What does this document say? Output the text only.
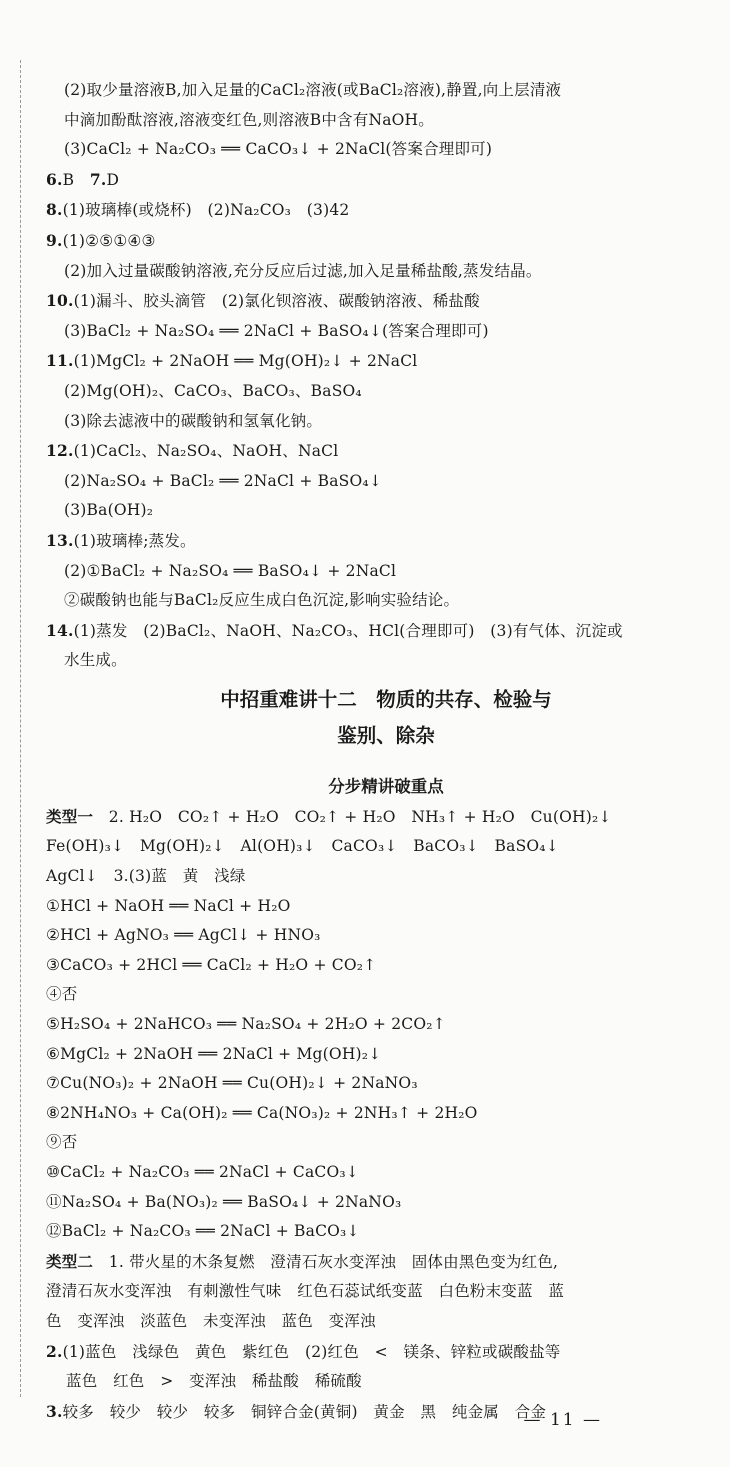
(2)取少量溶液B,加入足量的CaCl₂溶液(或BaCl₂溶液),静置,向上层清液
中滴加酚酞溶液,溶液变红色,则溶液B中含有NaOH。
(3)CaCl₂ + Na₂CO₃ ══ CaCO₃↓ + 2NaCl(答案合理即可)
6.B　7.D
8.(1)玻璃棒(或烧杯)　(2)Na₂CO₃　(3)42
9.(1)②⑤①④③
(2)加入过量碳酸钠溶液,充分反应后过滤,加入足量稀盐酸,蒸发结晶。
10.(1)漏斗、胶头滴管　(2)氯化钡溶液、碳酸钠溶液、稀盐酸
(3)BaCl₂ + Na₂SO₄ ══ 2NaCl + BaSO₄↓(答案合理即可)
11.(1)MgCl₂ + 2NaOH ══ Mg(OH)₂↓ + 2NaCl
(2)Mg(OH)₂、CaCO₃、BaCO₃、BaSO₄
(3)除去滤液中的碳酸钠和氢氧化钠。
12.(1)CaCl₂、Na₂SO₄、NaOH、NaCl
(2)Na₂SO₄ + BaCl₂ ══ 2NaCl + BaSO₄↓
(3)Ba(OH)₂
13.(1)玻璃棒;蒸发。
(2)①BaCl₂ + Na₂SO₄ ══ BaSO₄↓ + 2NaCl
②碳酸钠也能与BaCl₂反应生成白色沉淀,影响实验结论。
14.(1)蒸发　(2)BaCl₂、NaOH、Na₂CO₃、HCl(合理即可)　(3)有气体、沉淀或
水生成。
中招重难讲十二　物质的共存、检验与
鉴别、除杂
分步精讲破重点
类型一　2. H₂O　CO₂↑ + H₂O　CO₂↑ + H₂O　NH₃↑ + H₂O　Cu(OH)₂↓
Fe(OH)₃↓　Mg(OH)₂↓　Al(OH)₃↓　CaCO₃↓　BaCO₃↓　BaSO₄↓
AgCl↓　3.(3)蓝　黄　浅绿
①HCl + NaOH ══ NaCl + H₂O
②HCl + AgNO₃ ══ AgCl↓ + HNO₃
③CaCO₃ + 2HCl ══ CaCl₂ + H₂O + CO₂↑
④否
⑤H₂SO₄ + 2NaHCO₃ ══ Na₂SO₄ + 2H₂O + 2CO₂↑
⑥MgCl₂ + 2NaOH ══ 2NaCl + Mg(OH)₂↓
⑦Cu(NO₃)₂ + 2NaOH ══ Cu(OH)₂↓ + 2NaNO₃
⑧2NH₄NO₃ + Ca(OH)₂ ══ Ca(NO₃)₂ + 2NH₃↑ + 2H₂O
⑨否
⑩CaCl₂ + Na₂CO₃ ══ 2NaCl + CaCO₃↓
⑪Na₂SO₄ + Ba(NO₃)₂ ══ BaSO₄↓ + 2NaNO₃
⑫BaCl₂ + Na₂CO₃ ══ 2NaCl + BaCO₃↓
类型二　1. 带火星的木条复燃　澄清石灰水变浑浊　固体由黑色变为红色,
澄清石灰水变浑浊　有刺激性气味　红色石蕊试纸变蓝　白色粉末变蓝　蓝
色　变浑浊　淡蓝色　未变浑浊　蓝色　变浑浊
2.(1)蓝色　浅绿色　黄色　紫红色　(2)红色　<　镁条、锌粒或碳酸盐等
蓝色　红色　>　变浑浊　稀盐酸　稀硫酸
3.较多　较少　较少　较多　铜锌合金(黄铜)　黄金　黑　纯金属　合金
— 11 —
